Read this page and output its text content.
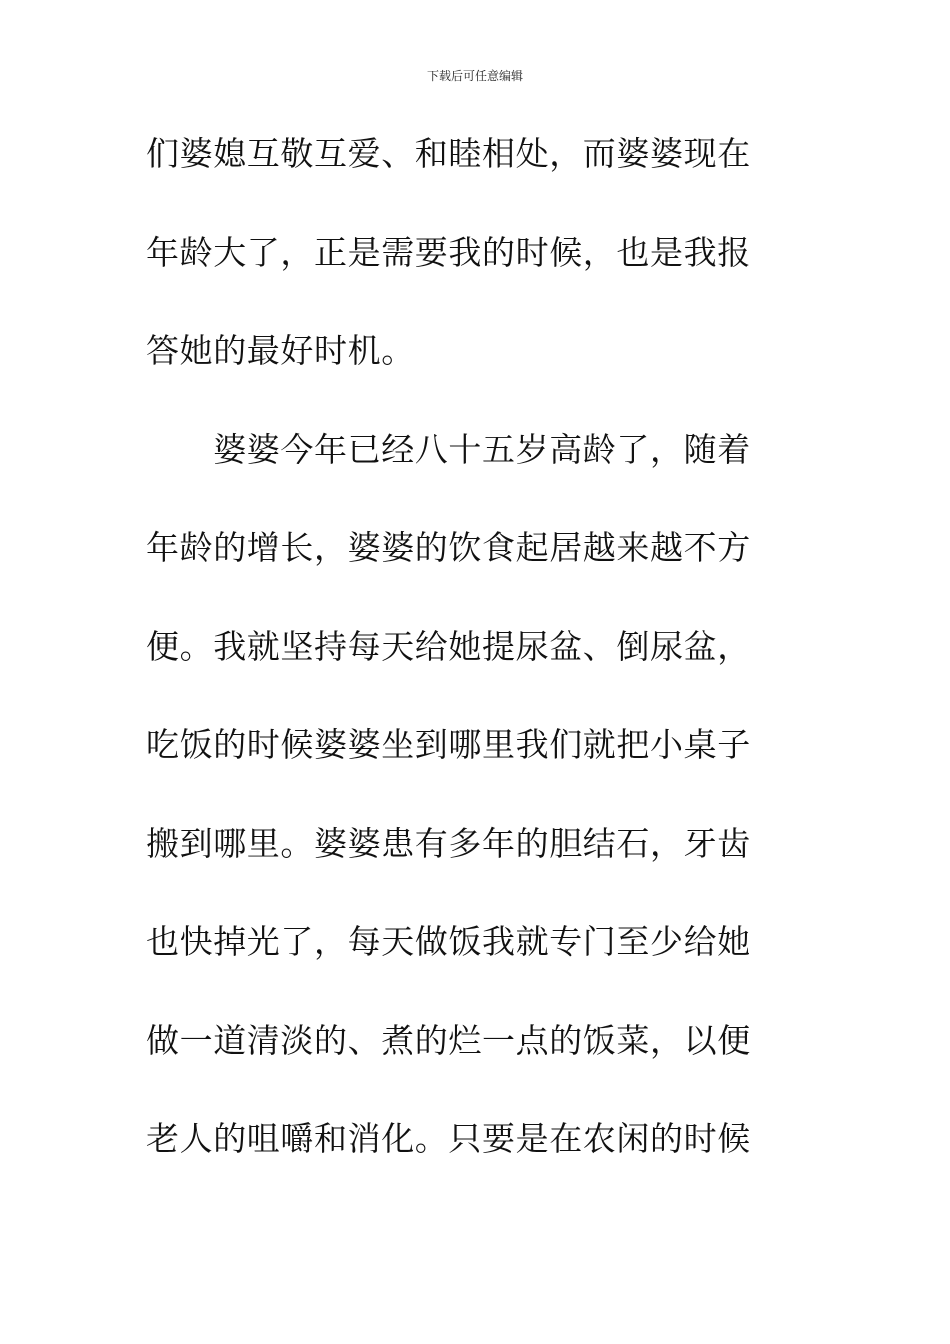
下载后可任意编辑
们婆媳互敬互爱、和睦相处，而婆婆现在
年龄大了，正是需要我的时候，也是我报
答她的最好时机。
　　婆婆今年已经八十五岁高龄了，随着
年龄的增长，婆婆的饮食起居越来越不方
便。我就坚持每天给她提尿盆、倒尿盆，
吃饭的时候婆婆坐到哪里我们就把小桌子
搬到哪里。婆婆患有多年的胆结石，牙齿
也快掉光了，每天做饭我就专门至少给她
做一道清淡的、煮的烂一点的饭菜，以便
老人的咀嚼和消化。只要是在农闲的时候
